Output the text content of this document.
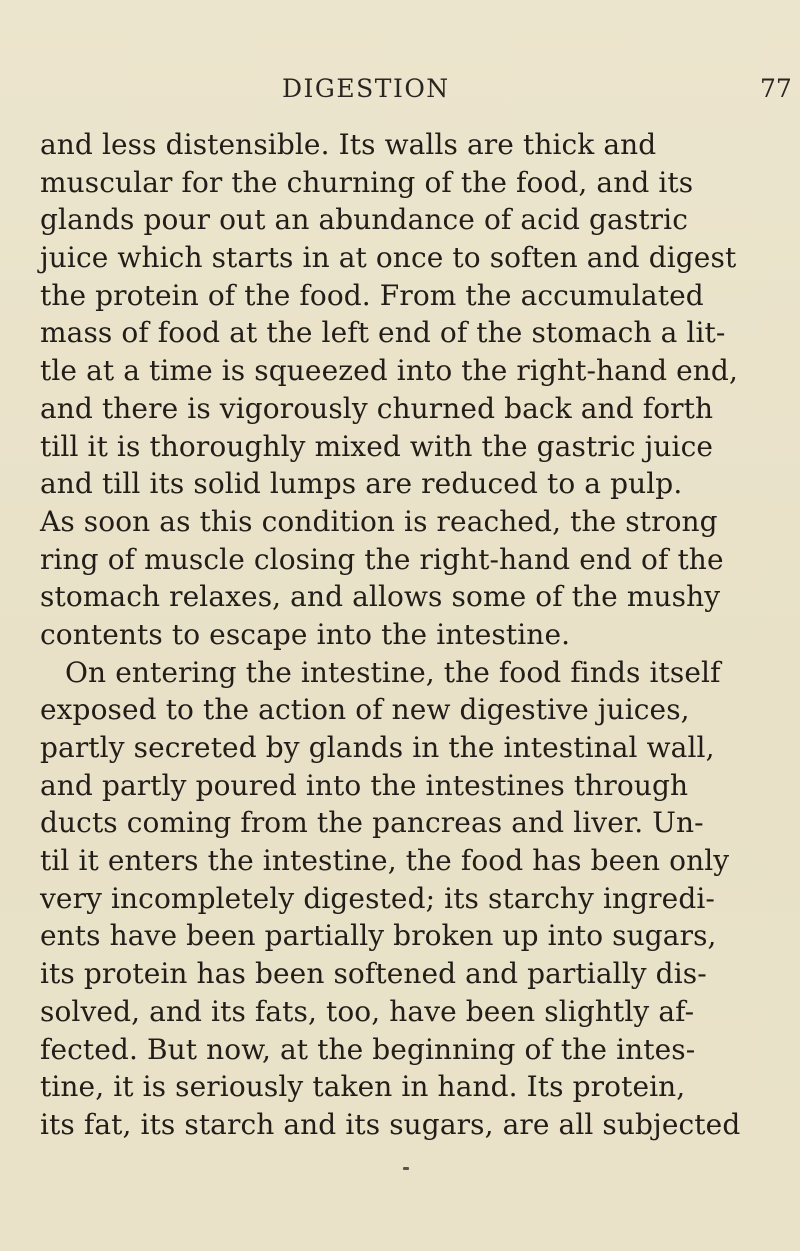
DIGESTION	77
and less distensible. Its walls are thick and
muscular for the churning of the food, and its
glands pour out an abundance of acid gastric
juice which starts in at once to soften and digest
the protein of the food. From the accumulated
mass of food at the left end of the stomach a lit-
tle at a time is squeezed into the right-hand end,
and there is vigorously churned back and forth
till it is thoroughly mixed with the gastric juice
and till its solid lumps are reduced to a pulp.
As soon as this condition is reached, the strong
ring of muscle closing the right-hand end of the
stomach relaxes, and allows some of the mushy
contents to escape into the intestine.
On entering the intestine, the food finds itself
exposed to the action of new digestive juices,
partly secreted by glands in the intestinal wall,
and partly poured into the intestines through
ducts coming from the pancreas and liver. Un-
til it enters the intestine, the food has been only
very incompletely digested; its starchy ingredi-
ents have been partially broken up into sugars,
its protein has been softened and partially dis-
solved, and its fats, too, have been slightly af-
fected. But now, at the beginning of the intes-
tine, it is seriously taken in hand. Its protein,
its fat, its starch and its sugars, are all subjected
